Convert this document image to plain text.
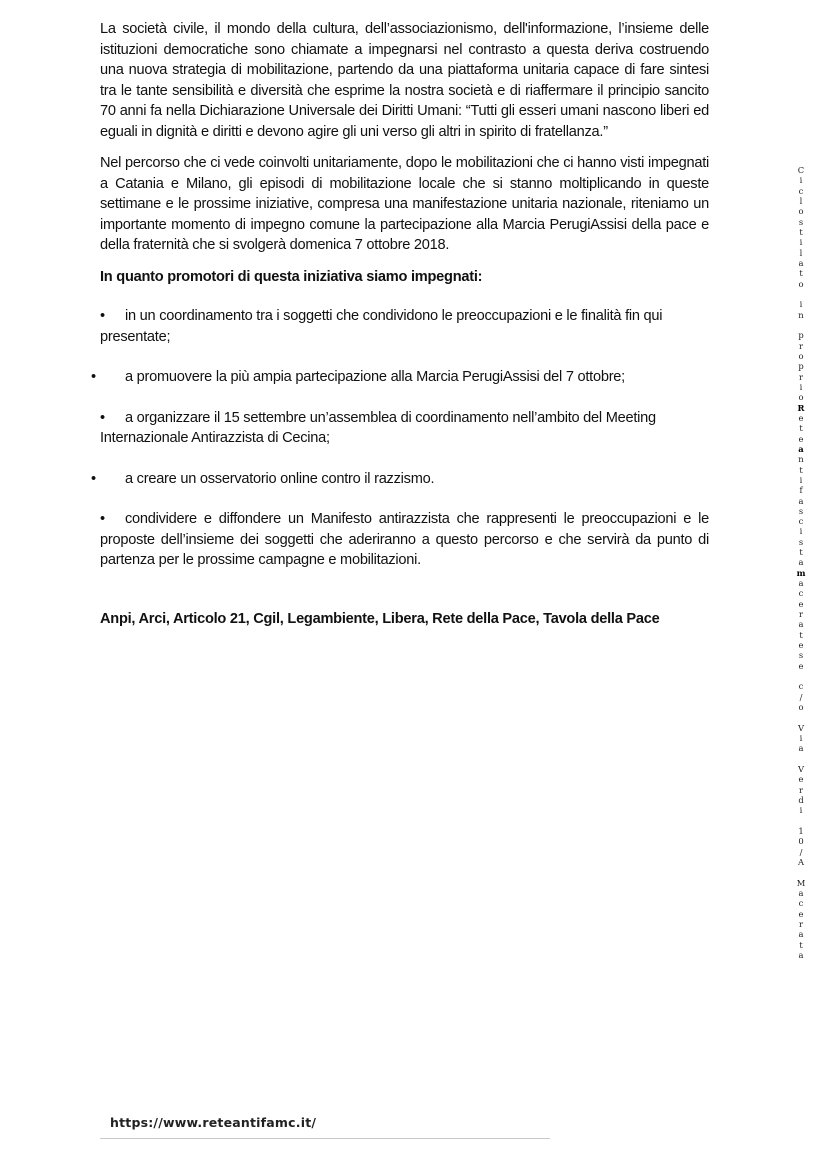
La società civile, il mondo della cultura, dell’associazionismo, dell'informazione, l’insieme delle istituzioni democratiche sono chiamate a impegnarsi nel contrasto a questa deriva costruendo una nuova strategia di mobilitazione, partendo da una piattaforma unitaria capace di fare sintesi tra le tante sensibilità e diversità che esprime la nostra società e di riaffermare il principio sancito 70 anni fa nella Dichiarazione Universale dei Diritti Umani: “Tutti gli esseri umani nascono liberi ed eguali in dignità e diritti e devono agire gli uni verso gli altri in spirito di fratellanza.”

Nel percorso che ci vede coinvolti unitariamente, dopo le mobilitazioni che ci hanno visti impegnati a Catania e Milano, gli episodi di mobilitazione locale che si stanno moltiplicando in queste settimane e le prossime iniziative, compresa una manifestazione unitaria nazionale, riteniamo un importante momento di impegno comune la partecipazione alla Marcia PerugiAssisi della pace e della fraternità che si svolgerà domenica 7 ottobre 2018.

In quanto promotori di questa iniziativa siamo impegnati:

• in un coordinamento tra i soggetti che condividono le preoccupazioni e le finalità fin qui presentate;
• a promuovere la più ampia partecipazione alla Marcia PerugiAssisi del 7 ottobre;
• a organizzare il 15 settembre un’assemblea di coordinamento nell’ambito del Meeting Internazionale Antirazzista di Cecina;
• a creare un osservatorio online contro il razzismo.
• condividere e diffondere un Manifesto antirazzista che rappresenti le preoccupazioni e le proposte dell’insieme dei soggetti che aderiranno a questo percorso e che servirà da punto di partenza per le prossime campagne e mobilitazioni.

Anpi, Arci, Articolo 21, Cgil, Legambiente, Libera, Rete della Pace, Tavola della Pace

C
i
c
l
o
s
t
i
l
a
t
o

i
n

p
r
o
p
r
i
o
R
e
t
e
a
n
t
i
f
a
s
c
i
s
t
a
m
a
c
e
r
a
t
e
s
e

c
/
o

V
i
a

V
e
r
d
i

1
0
/
A

M
a
c
e
r
a
t
a
https://www.reteantifamc.it/
